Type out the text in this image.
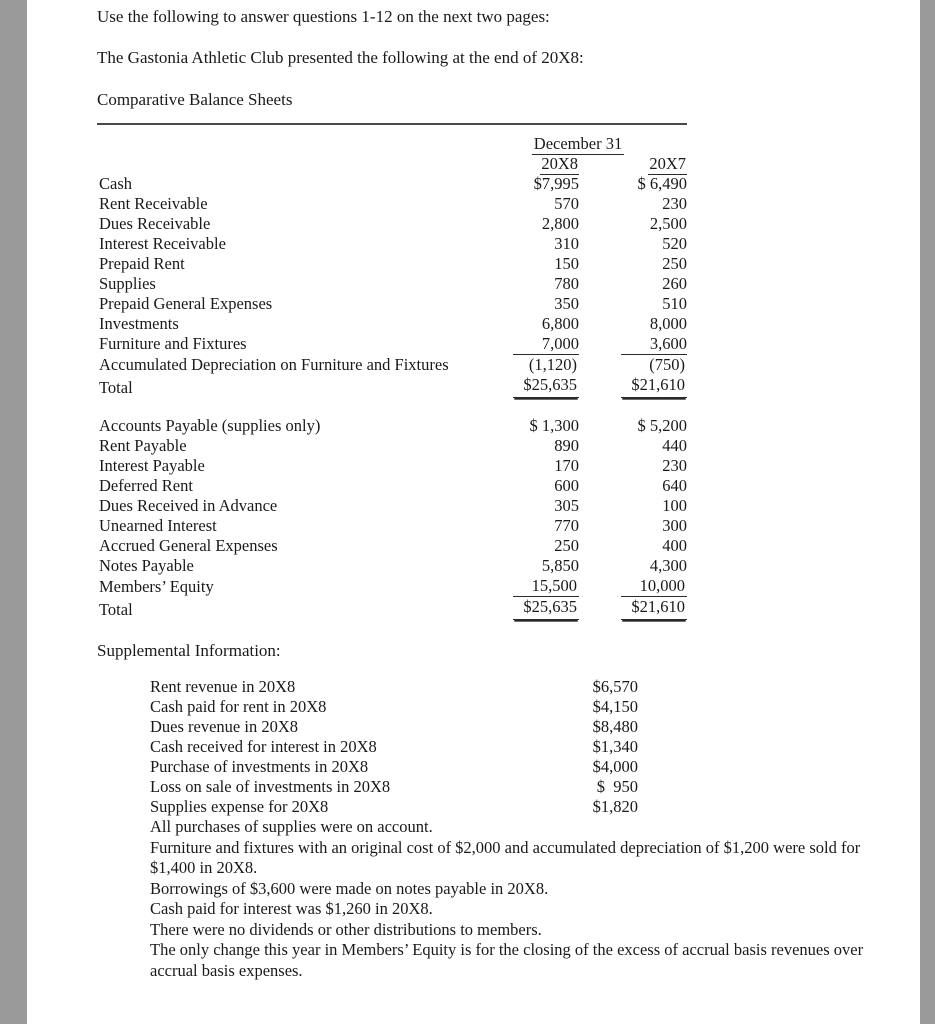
Use the following to answer questions 1-12 on the next two pages:
The Gastonia Athletic Club presented the following at the end of 20X8:
Comparative Balance Sheets
	December 31	
	20X8	20X7
Cash	$7,995	$ 6,490
Rent Receivable	570	230
Dues Receivable	2,800	2,500
Interest Receivable	310	520
Prepaid Rent	150	250
Supplies	780	260
Prepaid General Expenses	350	510
Investments	6,800	8,000
Furniture and Fixtures	7,000	3,600
Accumulated Depreciation on Furniture and Fixtures	(1,120)	(750)
Total	$25,635	$21,610

Accounts Payable (supplies only)	$ 1,300	$ 5,200
Rent Payable	890	440
Interest Payable	170	230
Deferred Rent	600	640
Dues Received in Advance	305	100
Unearned Interest	770	300
Accrued General Expenses	250	400
Notes Payable	5,850	4,300
Members’ Equity	15,500	10,000
Total	$25,635	$21,610
Supplemental Information:
Rent revenue in 20X8	$6,570
Cash paid for rent in 20X8	$4,150
Dues revenue in 20X8	$8,480
Cash received for interest in 20X8	$1,340
Purchase of investments in 20X8	$4,000
Loss on sale of investments in 20X8	$  950
Supplies expense for 20X8	$1,820
All purchases of supplies were on account.
Furniture and fixtures with an original cost of $2,000 and accumulated depreciation of $1,200 were sold for $1,400 in 20X8.
Borrowings of $3,600 were made on notes payable in 20X8.
Cash paid for interest was $1,260 in 20X8.
There were no dividends or other distributions to members.
The only change this year in Members’ Equity is for the closing of the excess of accrual basis revenues over accrual basis expenses.
